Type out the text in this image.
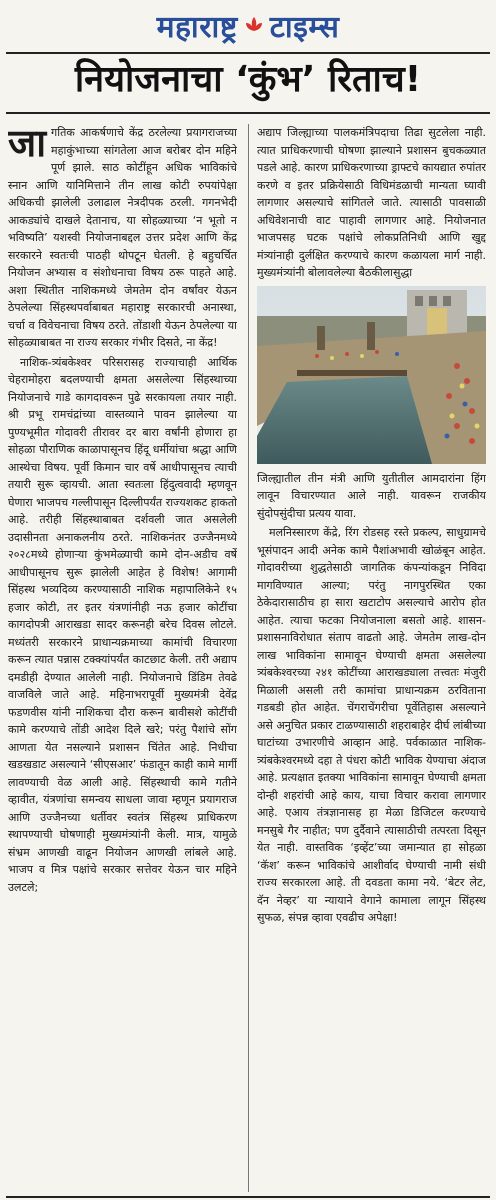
महाराष्ट्र टाइम्स
नियोजनाचा ‘कुंभ’ रिताच!
जा गतिक आकर्षणाचे केंद्र ठरलेल्या प्रयागराजच्या महाकुंभाच्या सांगतेला आज बरोबर दोन महिने पूर्ण झाले. साठ कोटींहून अधिक भाविकांचे स्नान आणि यानिमित्ताने तीन लाख कोटी रुपयांपेक्षा अधिकची झालेली उलाढाल नेत्रदीपक ठरली. गगनभेदी आकड्यांचे दाखले देतानाच, या सोहळ्याच्या ‘न भूतो न भविष्यति’ यशस्वी नियोजनाबद्दल उत्तर प्रदेश आणि केंद्र सरकारने स्वतःची पाठही थोपटून घेतली. हे बहुचर्चित नियोजन अभ्यास व संशोधनाचा विषय ठरू पाहते आहे. अशा स्थितीत नाशिकमध्ये जेमतेम दोन वर्षांवर येऊन ठेपलेल्या सिंहस्थपर्वाबाबत महाराष्ट्र सरकारची अनास्था, चर्चा व विवेचनाचा विषय ठरते. तोंडाशी येऊन ठेपलेल्या या सोहळ्याबाबत ना राज्य सरकार गंभीर दिसते, ना केंद्र!

नाशिक-त्र्यंबकेश्वर परिसरासह राज्याचाही आर्थिक चेहरामोहरा बदलण्याची क्षमता असलेल्या सिंहस्थाच्या नियोजनाचे गाडे कागदावरून पुढे सरकायला तयार नाही. श्री प्रभू रामचंद्रांच्या वास्तव्याने पावन झालेल्या या पुण्यभूमीत गोदावरी तीरावर दर बारा वर्षांनी होणारा हा सोहळा पौराणिक काळापासूनच हिंदू धर्मीयांचा श्रद्धा आणि आस्थेचा विषय. पूर्वी किमान चार वर्षे आधीपासूनच त्याची तयारी सुरू व्हायची. आता स्वतःला हिंदुत्ववादी म्हणवून घेणारा भाजपच गल्लीपासून दिल्लीपर्यंत राज्यशकट हाकतो आहे. तरीही सिंहस्थाबाबत दर्शवली जात असलेली उदासीनता अनाकलनीय ठरते. नाशिकनंतर उज्जैनमध्ये २०२८मध्ये होणाऱ्या कुंभमेळ्याची कामे दोन-अडीच वर्षे आधीपासूनच सुरू झालेली आहेत हे विशेष! आगामी सिंहस्थ भव्यदिव्य करण्यासाठी नाशिक महापालिकेने १५ हजार कोटी, तर इतर यंत्रणांनीही नऊ हजार कोटींचा कागदोपत्री आराखडा सादर करूनही बरेच दिवस लोटले. मध्यंतरी सरकारने प्राधान्यक्रमाच्या कामांची विचारणा करून त्यात पन्नास टक्क्यांपर्यंत काटछाट केली. तरी अद्याप दमडीही देण्यात आलेली नाही. नियोजनाचे डिंडिम तेवढे वाजविले जाते आहे. महिनाभरापूर्वी मुख्यमंत्री देवेंद्र फडणवीस यांनी नाशिकचा दौरा करून बावीसशे कोटींची कामे करण्याचे तोंडी आदेश दिले खरे; परंतु पैशांचे सोंग आणता येत नसल्याने प्रशासन चिंतेत आहे. निधीचा खडखडाट असल्याने ‘सीएसआर’ फंडातून काही कामे मार्गी लावण्याची वेळ आली आहे. सिंहस्थाची कामे गतीने व्हावीत, यंत्रणांचा समन्वय साधला जावा म्हणून प्रयागराज आणि उज्जैनच्या धर्तीवर स्वतंत्र सिंहस्थ प्राधिकरण स्थापण्याची घोषणाही मुख्यमंत्र्यांनी केली. मात्र, यामुळे संभ्रम आणखी वाढून नियोजन आणखी लांबले आहे. भाजप व मित्र पक्षांचे सरकार सत्तेवर येऊन चार महिने उलटले;

अद्याप जिल्ह्याच्या पालकमंत्रिपदाचा तिढा सुटलेला नाही. त्यात प्राधिकरणाची घोषणा झाल्याने प्रशासन बुचकळ्यात पडले आहे. कारण प्राधिकरणाच्या ड्राफ्टचे कायद्यात रुपांतर करणे व इतर प्रक्रियेसाठी विधिमंडळाची मान्यता घ्यावी लागणार असल्याचे सांगितले जाते. त्यासाठी पावसाळी अधिवेशनाची वाट पाहावी लागणार आहे. नियोजनात भाजपसह घटक पक्षांचे लोकप्रतिनिधी आणि खुद्द मंत्र्यांनाही दुर्लक्षित करण्याचे कारण कळायला मार्ग नाही. मुख्यमंत्र्यांनी बोलावलेल्या बैठकीलासुद्धा

जिल्ह्यातील तीन मंत्री आणि युतीतील आमदारांना हिंग लावून विचारण्यात आले नाही. यावरून राजकीय सुंदोपसुंदीचा प्रत्यय यावा.

मलनिस्सारण केंद्रे, रिंग रोडसह रस्ते प्रकल्प, साधुग्रामचे भूसंपादन आदी अनेक कामे पैशांअभावी खोळंबून आहेत. गोदावरीच्या शुद्धतेसाठी जागतिक कंपन्यांकडून निविदा मागविण्यात आल्या; परंतु नागपुरस्थित एका ठेकेदारासाठीच हा सारा खटाटोप असल्याचे आरोप होत आहेत. त्याचा फटका नियोजनाला बसतो आहे. शासन-प्रशासनाविरोधात संताप वाढतो आहे. जेमतेम लाख-दोन लाख भाविकांना सामावून घेण्याची क्षमता असलेल्या त्र्यंबकेश्वरच्या २४१ कोटींच्या आराखड्याला तत्त्वतः मंजुरी मिळाली असली तरी कामांचा प्राधान्यक्रम ठरविताना गडबडी होत आहेत. चेंगराचेंगरीचा पूर्वेतिहास असल्याने असे अनुचित प्रकार टाळण्यासाठी शहराबाहेर दीर्घ लांबीच्या घाटांच्या उभारणीचे आव्हान आहे. पर्वकाळात नाशिक-त्र्यंबकेश्वरमध्ये दहा ते पंधरा कोटी भाविक येण्याचा अंदाज आहे. प्रत्यक्षात इतक्या भाविकांना सामावून घेण्याची क्षमता दोन्ही शहरांची आहे काय, याचा विचार करावा लागणार आहे. एआय तंत्रज्ञानासह हा मेळा डिजिटल करण्याचे मनसुबे गैर नाहीत; पण दुर्दैवाने त्यासाठीची तत्परता दिसून येत नाही. वास्तविक ‘इव्हेंट’च्या जमान्यात हा सोहळा ‘कॅश’ करून भाविकांचे आशीर्वाद घेण्याची नामी संधी राज्य सरकारला आहे. ती दवडता कामा नये. ‘बेटर लेट, दॅन नेव्हर’ या न्यायाने वेगाने कामाला लागून सिंहस्थ सुफळ, संपन्न व्हावा एवढीच अपेक्षा!
